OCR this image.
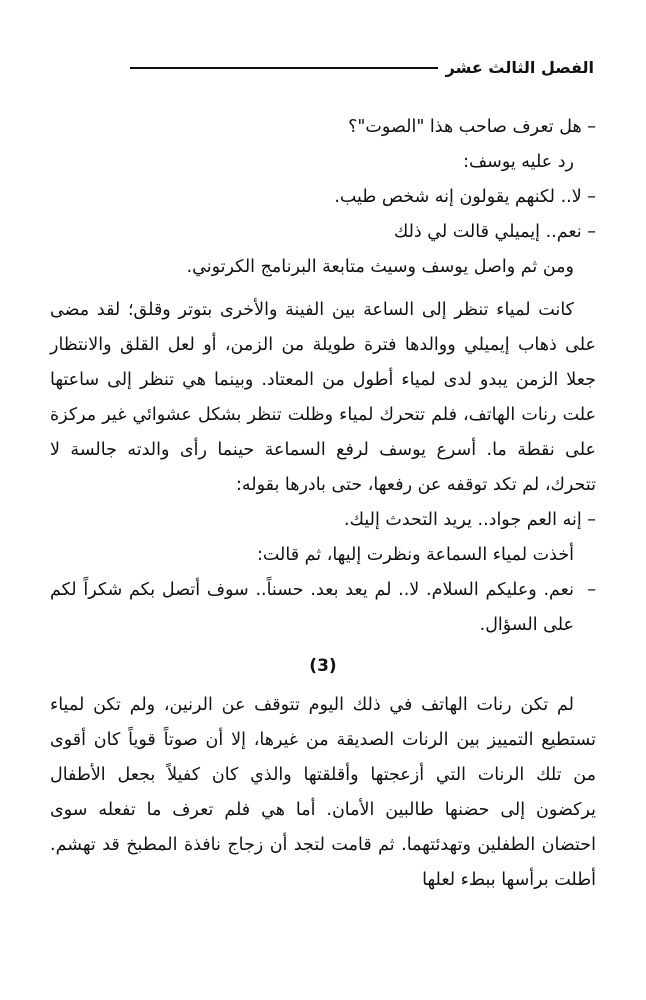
الفصل الثالث عشر
– هل تعرف صاحب هذا "الصوت"؟
رد عليه يوسف:
– لا.. لكنهم يقولون إنه شخص طيب.
– نعم.. إيميلي قالت لي ذلك
ومن ثم واصل يوسف وسيث متابعة البرنامج الكرتوني.

كانت لمياء تنظر إلى الساعة بين الفينة والأخرى بتوتر وقلق؛ لقد مضى على ذهاب إيميلي ووالدها فترة طويلة من الزمن، أو لعل القلق والانتظار جعلا الزمن يبدو لدى لمياء أطول من المعتاد. وبينما هي تنظر إلى ساعتها علت رنات الهاتف، فلم تتحرك لمياء وظلت تنظر بشكل عشوائي غير مركزة على نقطة ما. أسرع يوسف لرفع السماعة حينما رأى والدته جالسة لا تتحرك، لم تكد توقفه عن رفعها، حتى بادرها بقوله:

– إنه العم جواد.. يريد التحدث إليك.
أخذت لمياء السماعة ونظرت إليها، ثم قالت:
–
نعم. وعليكم السلام. لا.. لم يعد بعد. حسناً.. سوف أتصل بكم شكراً لكم على السؤال.
(3)

لم تكن رنات الهاتف في ذلك اليوم تتوقف عن الرنين، ولم تكن لمياء تستطيع التمييز بين الرنات الصديقة من غيرها، إلا أن صوتاً قوياً كان أقوى من تلك الرنات التي أزعجتها وأقلقتها والذي كان كفيلاً بجعل الأطفال يركضون إلى حضنها طالبين الأمان. أما هي فلم تعرف ما تفعله سوى احتضان الطفلين وتهدئتهما. ثم قامت لتجد أن زجاج نافذة المطبخ قد تهشم. أطلت برأسها ببطء لعلها
